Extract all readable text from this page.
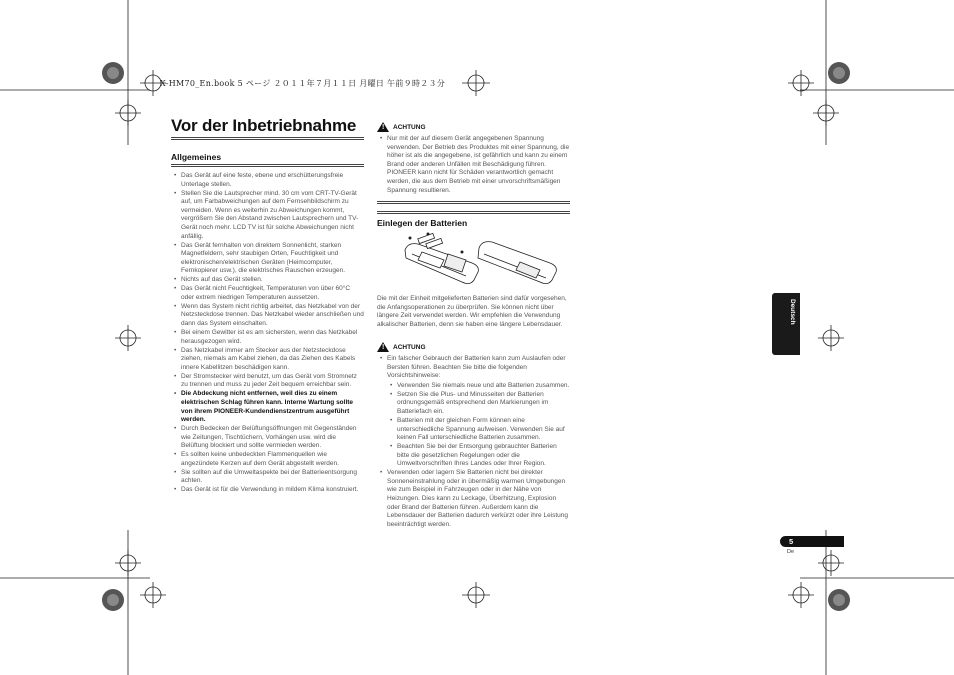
X-HM70_En.book 5 ページ ２０１１年７月１１日 月曜日 午前９時２３分
Vor der Inbetriebnahme
Allgemeines
• Das Gerät auf eine feste, ebene und erschütterungsfreie Unterlage stellen.
• Stellen Sie die Lautsprecher mind. 30 cm vom CRT-TV-Gerät auf, um Farbabweichungen auf dem Fernsehbildschirm zu vermeiden. Wenn es weiterhin zu Abweichungen kommt, vergrößern Sie den Abstand zwischen Lautsprechern und TV-Gerät noch mehr. LCD TV ist für solche Abweichungen nicht anfällig.
• Das Gerät fernhalten von direktem Sonnenlicht, starken Magnetfeldern, sehr staubigen Orten, Feuchtigkeit und elektronischen/elektrischen Geräten (Heimcomputer, Fernkopierer usw.), die elektrisches Rauschen erzeugen.
• Nichts auf das Gerät stellen.
• Das Gerät nicht Feuchtigkeit, Temperaturen von über 60°C oder extrem niedrigen Temperaturen aussetzen.
• Wenn das System nicht richtig arbeitet, das Netzkabel von der Netzsteckdose trennen. Das Netzkabel wieder anschließen und dann das System einschalten.
• Bei einem Gewitter ist es am sichersten, wenn das Netzkabel herausgezogen wird.
• Das Netzkabel immer am Stecker aus der Netzsteckdose ziehen, niemals am Kabel ziehen, da das Ziehen des Kabels innere Kabellitzen beschädigen kann.
• Der Stromstecker wird benutzt, um das Gerät vom Stromnetz zu trennen und muss zu jeder Zeit bequem erreichbar sein.
• Die Abdeckung nicht entfernen, weil dies zu einem elektrischen Schlag führen kann. Interne Wartung sollte von ihrem PIONEER-Kundendienstzentrum ausgeführt werden.
• Durch Bedecken der Belüftungsöffnungen mit Gegenständen wie Zeitungen, Tischtüchern, Vorhängen usw. wird die Belüftung blockiert und sollte vermieden werden.
• Es sollten keine unbedeckten Flammenquellen wie angezündete Kerzen auf dem Gerät abgestellt werden.
• Sie sollten auf die Umweltaspekte bei der Batterieentsorgung achten.
• Das Gerät ist für die Verwendung in mildem Klima konstruiert.
! ACHTUNG
• Nur mit der auf diesem Gerät angegebenen Spannung verwenden. Der Betrieb des Produktes mit einer Spannung, die höher ist als die angegebene, ist gefährlich und kann zu einem Brand oder anderen Unfällen mit Beschädigung führen. PIONEER kann nicht für Schäden verantwortlich gemacht werden, die aus dem Betrieb mit einer unvorschriftsmäßigen Spannung resultieren.
Einlegen der Batterien
Die mit der Einheit mitgelieferten Batterien sind dafür vorgesehen, die Anfangsoperationen zu überprüfen. Sie können nicht über längere Zeit verwendet werden. Wir empfehlen die Verwendung alkalischer Batterien, denn sie haben eine längere Lebensdauer.
! ACHTUNG
• Ein falscher Gebrauch der Batterien kann zum Auslaufen oder Bersten führen. Beachten Sie bitte die folgenden Vorsichtshinweise:
• Verwenden Sie niemals neue und alte Batterien zusammen.
• Setzen Sie die Plus- und Minusseiten der Batterien ordnungsgemäß entsprechend den Markierungen im Batteriefach ein.
• Batterien mit der gleichen Form können eine unterschiedliche Spannung aufweisen. Verwenden Sie auf keinen Fall unterschiedliche Batterien zusammen.
• Beachten Sie bei der Entsorgung gebrauchter Batterien bitte die gesetzlichen Regelungen oder die Umweltvorschriften Ihres Landes oder Ihrer Region.
• Verwenden oder lagern Sie Batterien nicht bei direkter Sonneneinstrahlung oder in übermäßig warmen Umgebungen wie zum Beispiel in Fahrzeugen oder in der Nähe von Heizungen. Dies kann zu Leckage, Überhitzung, Explosion oder Brand der Batterien führen. Außerdem kann die Lebensdauer der Batterien dadurch verkürzt oder ihre Leistung beeinträchtigt werden.
Deutsch
5
De
